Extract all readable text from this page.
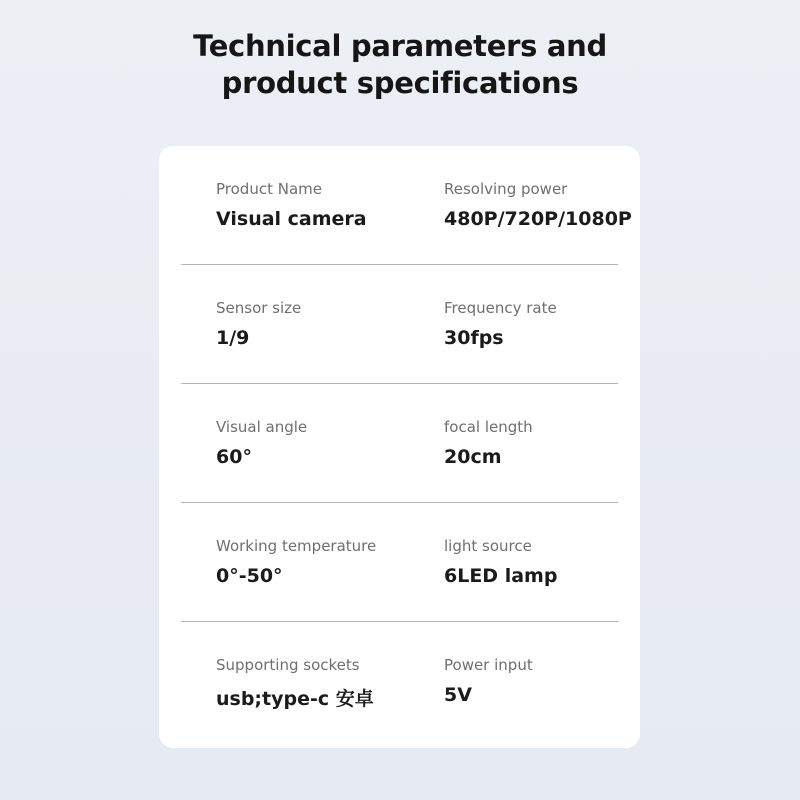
Technical parameters and
product specifications
Product Name
Visual camera
Resolving power
480P/720P/1080P
Sensor size
1/9
Frequency rate
30fps
Visual angle
60°
focal length
20cm
Working temperature
0°-50°
light source
6LED lamp
Supporting sockets
usb;type-c 安卓
Power input
5V
